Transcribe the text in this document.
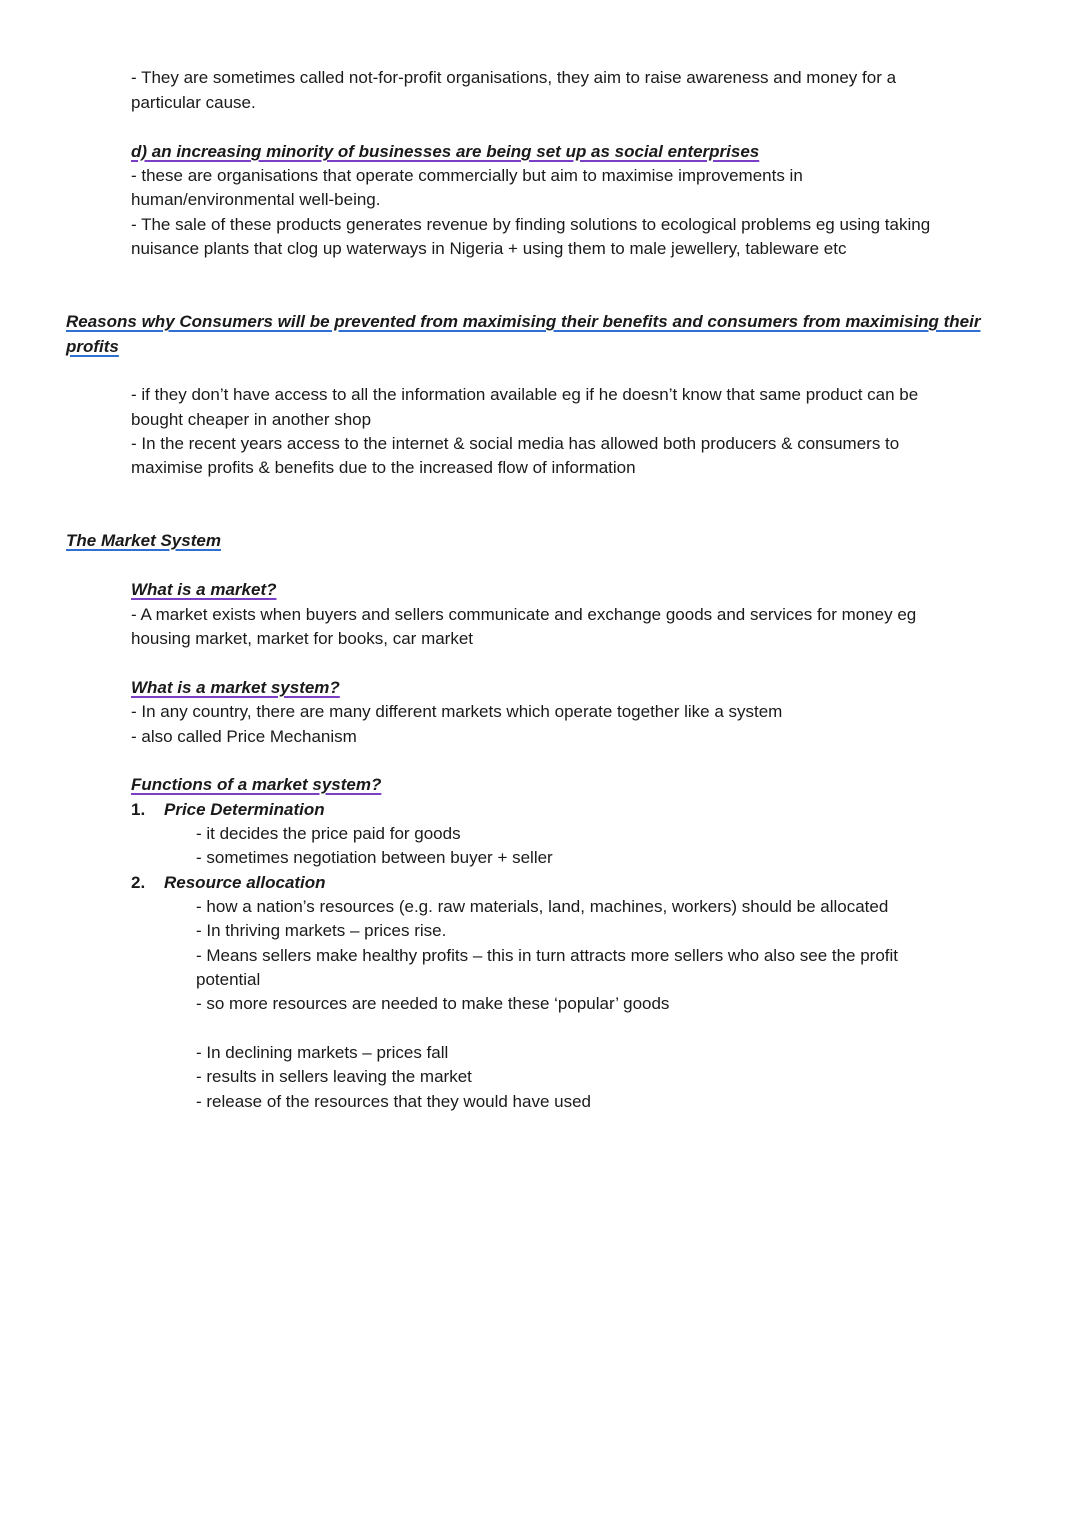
- They are sometimes called not-for-profit organisations, they aim to raise awareness and money for a

particular cause.

d) an increasing minority of businesses are being set up as social enterprises

- these are organisations that operate commercially but aim to maximise improvements in

human/environmental well-being.

- The sale of these products generates revenue by finding solutions to ecological problems eg using taking

nuisance plants that clog up waterways in Nigeria + using them to male jewellery, tableware etc

Reasons why Consumers will be prevented from maximising their benefits and consumers from maximising their

profits

- if they don’t have access to all the information available eg if he doesn’t know that same product can be

bought cheaper in another shop

- In the recent years access to the internet & social media has allowed both producers & consumers to

maximise profits & benefits due to the increased flow of information

The Market System

What is a market?

- A market exists when buyers and sellers communicate and exchange goods and services for money eg

housing market, market for books, car market

What is a market system?

- In any country, there are many different markets which operate together like a system

- also called Price Mechanism

Functions of a market system?

1. Price Determination

- it decides the price paid for goods

- sometimes negotiation between buyer + seller

2. Resource allocation

- how a nation’s resources (e.g. raw materials, land, machines, workers) should be allocated

- In thriving markets – prices rise.

- Means sellers make healthy profits – this in turn attracts more sellers who also see the profit

potential

- so more resources are needed to make these ‘popular’ goods

- In declining markets – prices fall

- results in sellers leaving the market

- release of the resources that they would have used
